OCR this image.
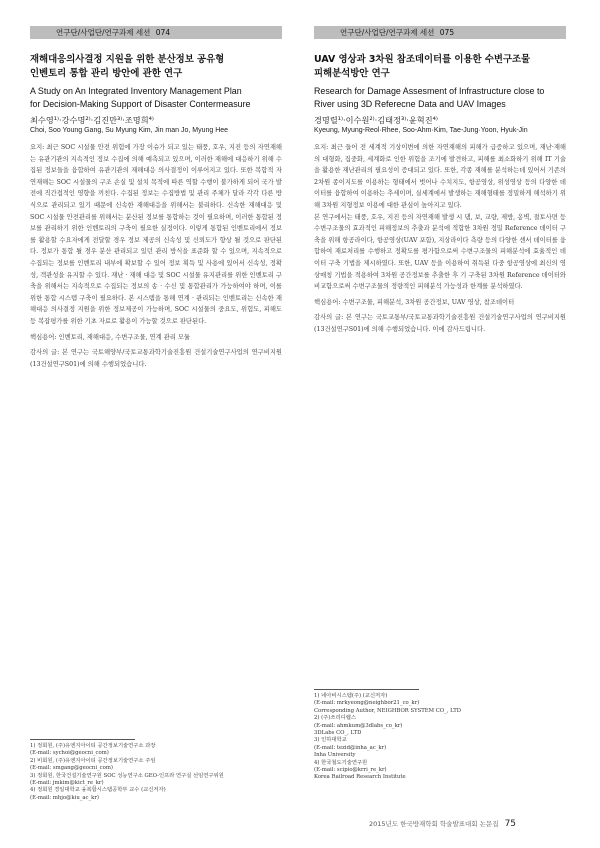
연구단/사업단/연구과제 세션 074
재해대응의사결정 지원을 위한 분산정보 공유형
인벤토리 통합 관리 방안에 관한 연구
A Study on An Integrated Inventory Management Plan
for Decision-Making Support of Disaster Contermeasure
최수영¹⁾·강수명²⁾·김진만³⁾·조명희⁴⁾
Choi, Soo Young Gang, Su Myung Kim, Jin man Jo, Myung Hee

요지: 최근 SOC 시설물 안전 위험에 가장 이슈가 되고 있는 태풍, 호우, 지진 등의 자연재해는 유관기관의 지속적인 정보 수집에 의해 예측되고 있으며, 이러한 재해에 대응하기 위해 수집된 정보들을 융합하여 유관기관의 재해대응 의사결정이 이루어지고 있다. 또한 복합적 자연재해는 SOC 시설물의 구조 손실 및 설치 목적에 따른 역할 수행이 불가하게 되어 국가 발전에 직간접적인 영향을 끼친다. 수집된 정보는 수집방법 및 관리 주체가 달라 각각 다른 방식으로 관리되고 있기 때문에 신속한 재해대응을 위해서는 불리하다. 신속한 재해대응 및 SOC 시설물 안전관리를 위해서는 분산된 정보를 통합하는 것이 필요하며, 이러한 통합된 정보를 관리하기 위한 인벤토리의 구축이 필요한 실정이다. 이렇게 통합된 인벤토리에서 정보를 활용할 수요자에게 전달할 경우 정보 제공의 신속성 및 신뢰도가 향상 될 것으로 판단된다. 정보가 통합 될 경우 분산 관리되고 있던 관리 방식을 표준화 할 수 있으며, 지속적으로 수집되는 정보를 인벤토리 내부에 확보할 수 있어 정보 획득 및 사용에 있어서 신속성, 정확성, 객관성을 유지할 수 있다. 재난 · 재해 대응 및 SOC 시설물 유지관리를 위한 인벤토리 구축을 위해서는 지속적으로 수집되는 정보의 송 · 수신 및 통합관리가 가능하여야 하며, 이를 위한 통합 시스템 구축이 필요하다. 본 시스템을 통해 연계 · 관리되는 인벤토리는 신속한 재해대응 의사결정 지원을 위한 정보제공이 가능하며, SOC 시설물의 중요도, 위험도, 피해도 등 복잡평가를 위한 기초 자료로 활용이 가능할 것으로 판단된다.

핵심용어: 인벤토리, 재해대응, 수변구조물, 연계 관리 모듈

감사의 글: 본 연구는 국토해양부/국토교통과학기술진흥원 건설기술연구사업의 연구비지원(13건설연구S01)에 의해 수행되었습니다.

1) 정회원, (주)유엔지아이티 공간정보기술연구소 과장

(E-mail: sychoi@geocni_com)

2) 비회원, (주)유엔지아이티 공간정보기술연구소 주임

(E-mail: smgang@geocni_com)

3) 정회원, 한국건설기술연구원 SOC 성능연구소 GEO-인프라 연구실 선임연구위원

(E-mail: jmkim@kict_re_kr)

4) 정회원 경일대학교 융복합시스템공학부 교수 (교신저자)

(E-mail: mhjo@kiu_ac_kr)

연구단/사업단/연구과제 세션 075
UAV 영상과 3차원 참조데이터를 이용한 수변구조물
피해분석방안 연구
Research for Damage Assesment of Infrastructure close to
River using 3D Referecne Data and UAV Images
경명렬¹⁾·이수원²⁾·김태정³⁾·윤혁진⁴⁾
Kyeung, Myung-Reol·Rhee, Soo-Ahm·Kim, Tae-Jung·Yoon, Hyuk-Jin

요지: 최근 들어 전 세계적 기상이변에 의한 자연재해의 피해가 급증하고 있으며, 재난·재해의 대형화, 집중화, 세계화로 인한 위험을 조기에 발견하고, 피해를 최소화하기 위해 IT 기술을 활용한 재난관리의 필요성이 증대되고 있다. 또한, 각종 재해를 분석하는데 있어서 기존의 2차원 종이지도를 이용하는 형태에서 벗어나 수치지도, 항공영상, 위성영상 등의 다양한 데이터를 융합하여 이용하는 추세이며, 실세계에서 발생하는 재해형태를 정밀하게 해석하기 위해 3차원 지형정보 이용에 대한 관심이 높아지고 있다.

본 연구에서는 태풍, 호우, 지진 등의 자연재해 발생 시 댐, 보, 교량, 제방, 옹벽, 절토사면 등 수변구조물의 효과적인 피해정보의 추출과 분석에 적합한 3차원 정밀 Reference 데이터 구축을 위해 항공라이다, 항공영상(UAV 포함), 지상라이다 측량 등의 다양한 센서 데이터를 융합하여 재료처리를 수행하고 정확도를 평가함으로써 수변구조물의 피해분석에 효율적인 데이터 구축 기법을 제시하였다. 또한, UAV 등을 이용하여 취득된 다중 항공영상에 최신의 영상매칭 기법을 적용하여 3차원 공간정보를 추출한 후 기 구축된 3차원 Reference 데이터와 비교함으로써 수변구조물의 정량적인 피해분석 가능성과 한계를 분석하였다.

핵심용어: 수변구조물, 피해분석, 3차원 공간정보, UAV 영상, 참조데이터

감사의 글: 본 연구는 국토교통부/국토교통과학기술진흥원 건설기술연구사업의 연구비지원(13건설연구S01)에 의해 수행되었습니다. 이에 감사드립니다.

1) 네아비시스템(주) (교신저자)

(E-mail: mrkyeong@neighbor21_co_kr)

Corresponding Author, NEIGHBOR SYSTEM CO_, LTD

2) (주)쓰리디랩스

(E-mail: ahmkum@3dlabs_co_kr)

3DLabs CO_, LTD

3) 인하대학교

(E-mail: tezid@inha_ac_kr)

Inha University

4) 한국철도기술연구원

(E-mail: scipio@krri_re_kr)

Korea Railroad Research Institute

2015년도 한국방재학회 학술발표대회 논문집 75
